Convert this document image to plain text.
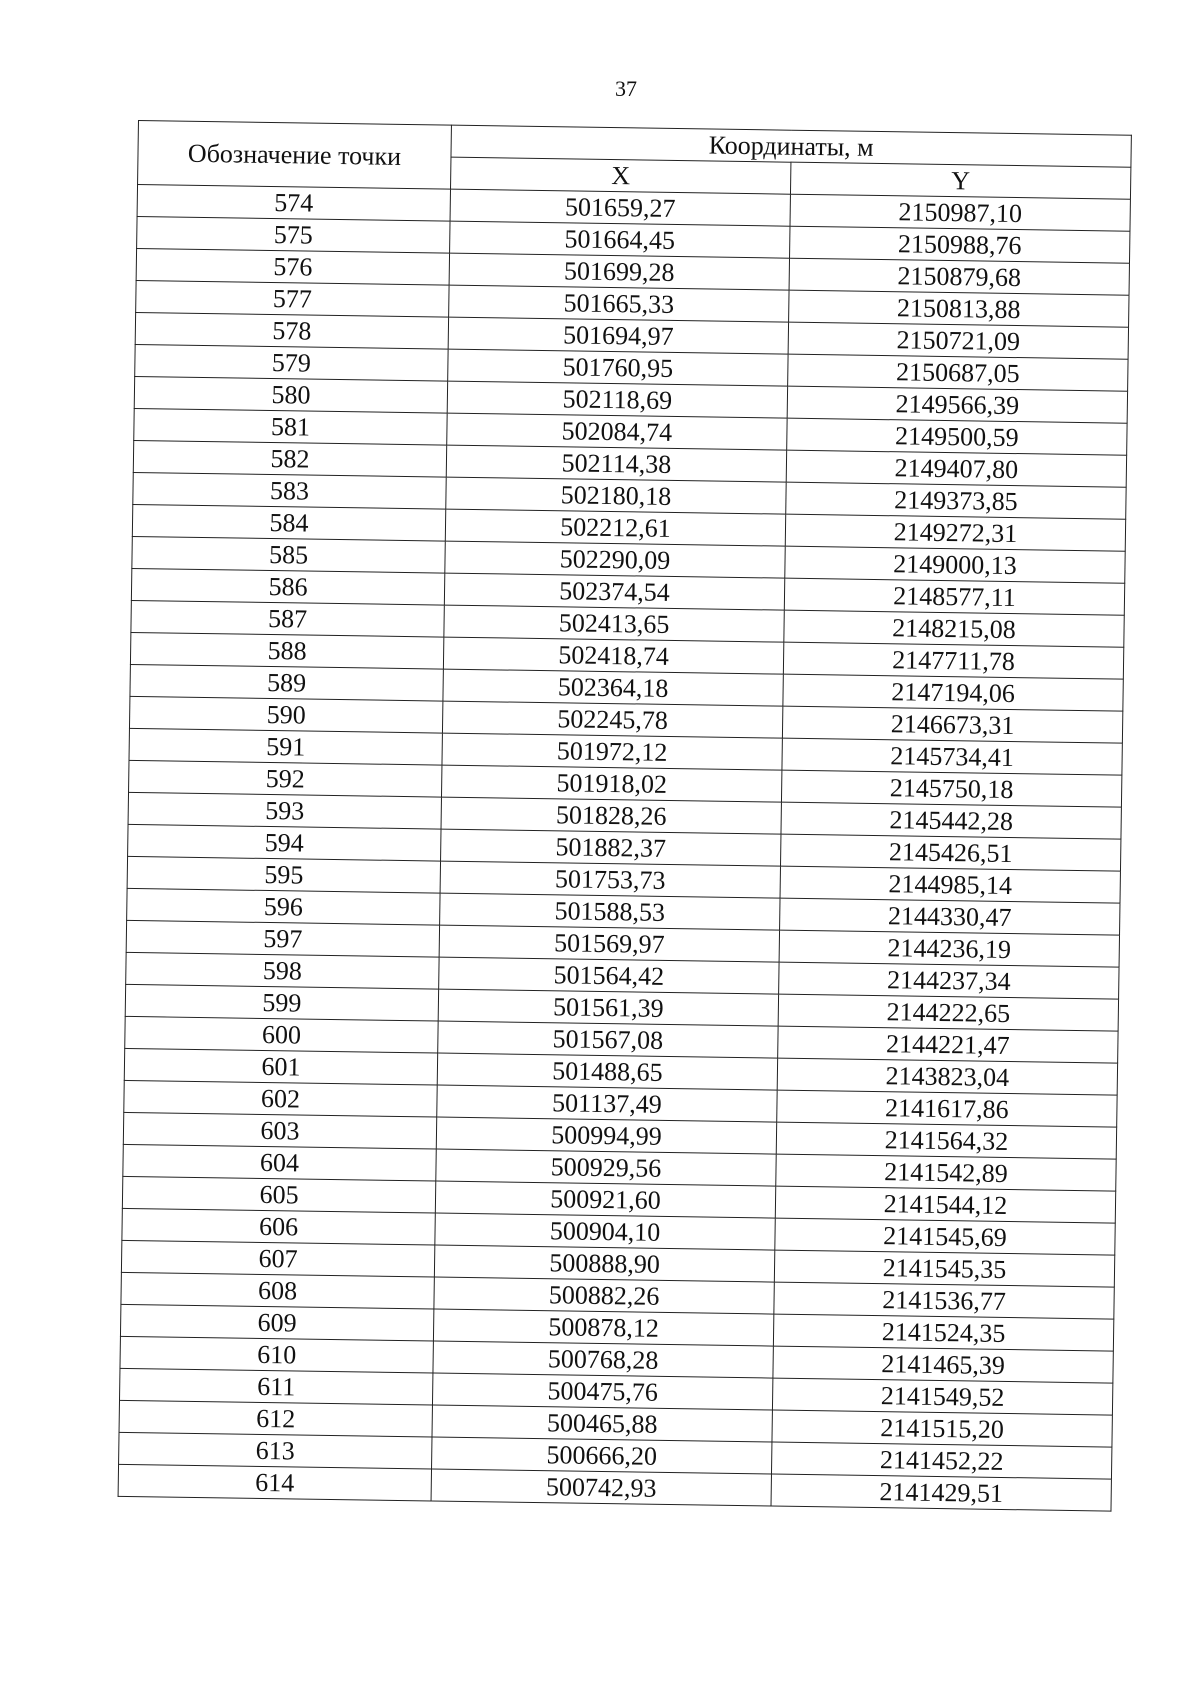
37
Обозначение точки	Координаты, м	
	X	Y
574	501659,27	2150987,10
575	501664,45	2150988,76
576	501699,28	2150879,68
577	501665,33	2150813,88
578	501694,97	2150721,09
579	501760,95	2150687,05
580	502118,69	2149566,39
581	502084,74	2149500,59
582	502114,38	2149407,80
583	502180,18	2149373,85
584	502212,61	2149272,31
585	502290,09	2149000,13
586	502374,54	2148577,11
587	502413,65	2148215,08
588	502418,74	2147711,78
589	502364,18	2147194,06
590	502245,78	2146673,31
591	501972,12	2145734,41
592	501918,02	2145750,18
593	501828,26	2145442,28
594	501882,37	2145426,51
595	501753,73	2144985,14
596	501588,53	2144330,47
597	501569,97	2144236,19
598	501564,42	2144237,34
599	501561,39	2144222,65
600	501567,08	2144221,47
601	501488,65	2143823,04
602	501137,49	2141617,86
603	500994,99	2141564,32
604	500929,56	2141542,89
605	500921,60	2141544,12
606	500904,10	2141545,69
607	500888,90	2141545,35
608	500882,26	2141536,77
609	500878,12	2141524,35
610	500768,28	2141465,39
611	500475,76	2141549,52
612	500465,88	2141515,20
613	500666,20	2141452,22
614	500742,93	2141429,51
